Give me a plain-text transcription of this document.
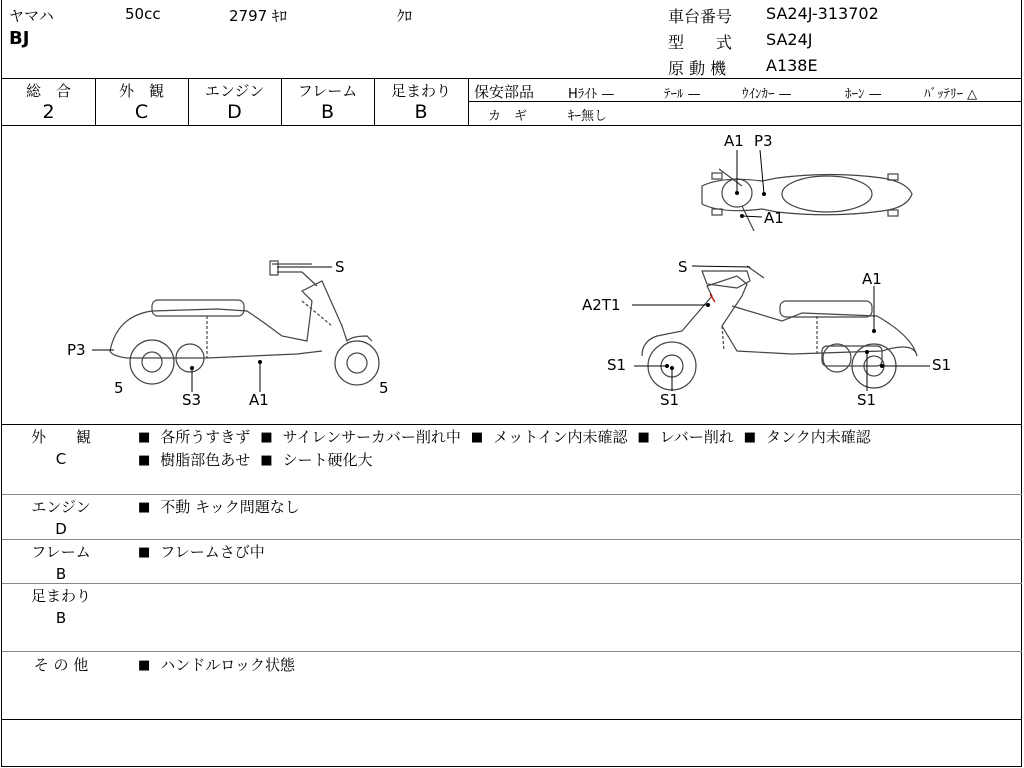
ヤマハ	50cc	2797 ｷﾛ	ｸﾛ
BJ
車台番号 SA24J-313702
型　　式 SA24J
原 動 機 A138E
総　合
2
外　観
C
エンジン
D
フレーム
B
足まわり
B
保安部品	Hﾗｲﾄ —	ﾃｰﾙ —	ｳｲﾝｶｰ —	ﾎｰﾝ —	ﾊﾞｯﾃﾘｰ △
カ　ギ	ｷｰ無し
A1 P3
A1
S
P3
5	5
S3	A1
S
A1
A2T1
S1
S1
S1
S1
外　　観
C
■ 各所うすきず ■ サイレンサーカバー削れ中 ■ メットイン内未確認 ■ レバー削れ ■ タンク内未確認
■ 樹脂部色あせ ■ シート硬化大
エンジン
D
■ 不動 キック問題なし
フレーム
B
■ フレームさび中
足まわり
B
そ の 他	■ ハンドルロック状態
